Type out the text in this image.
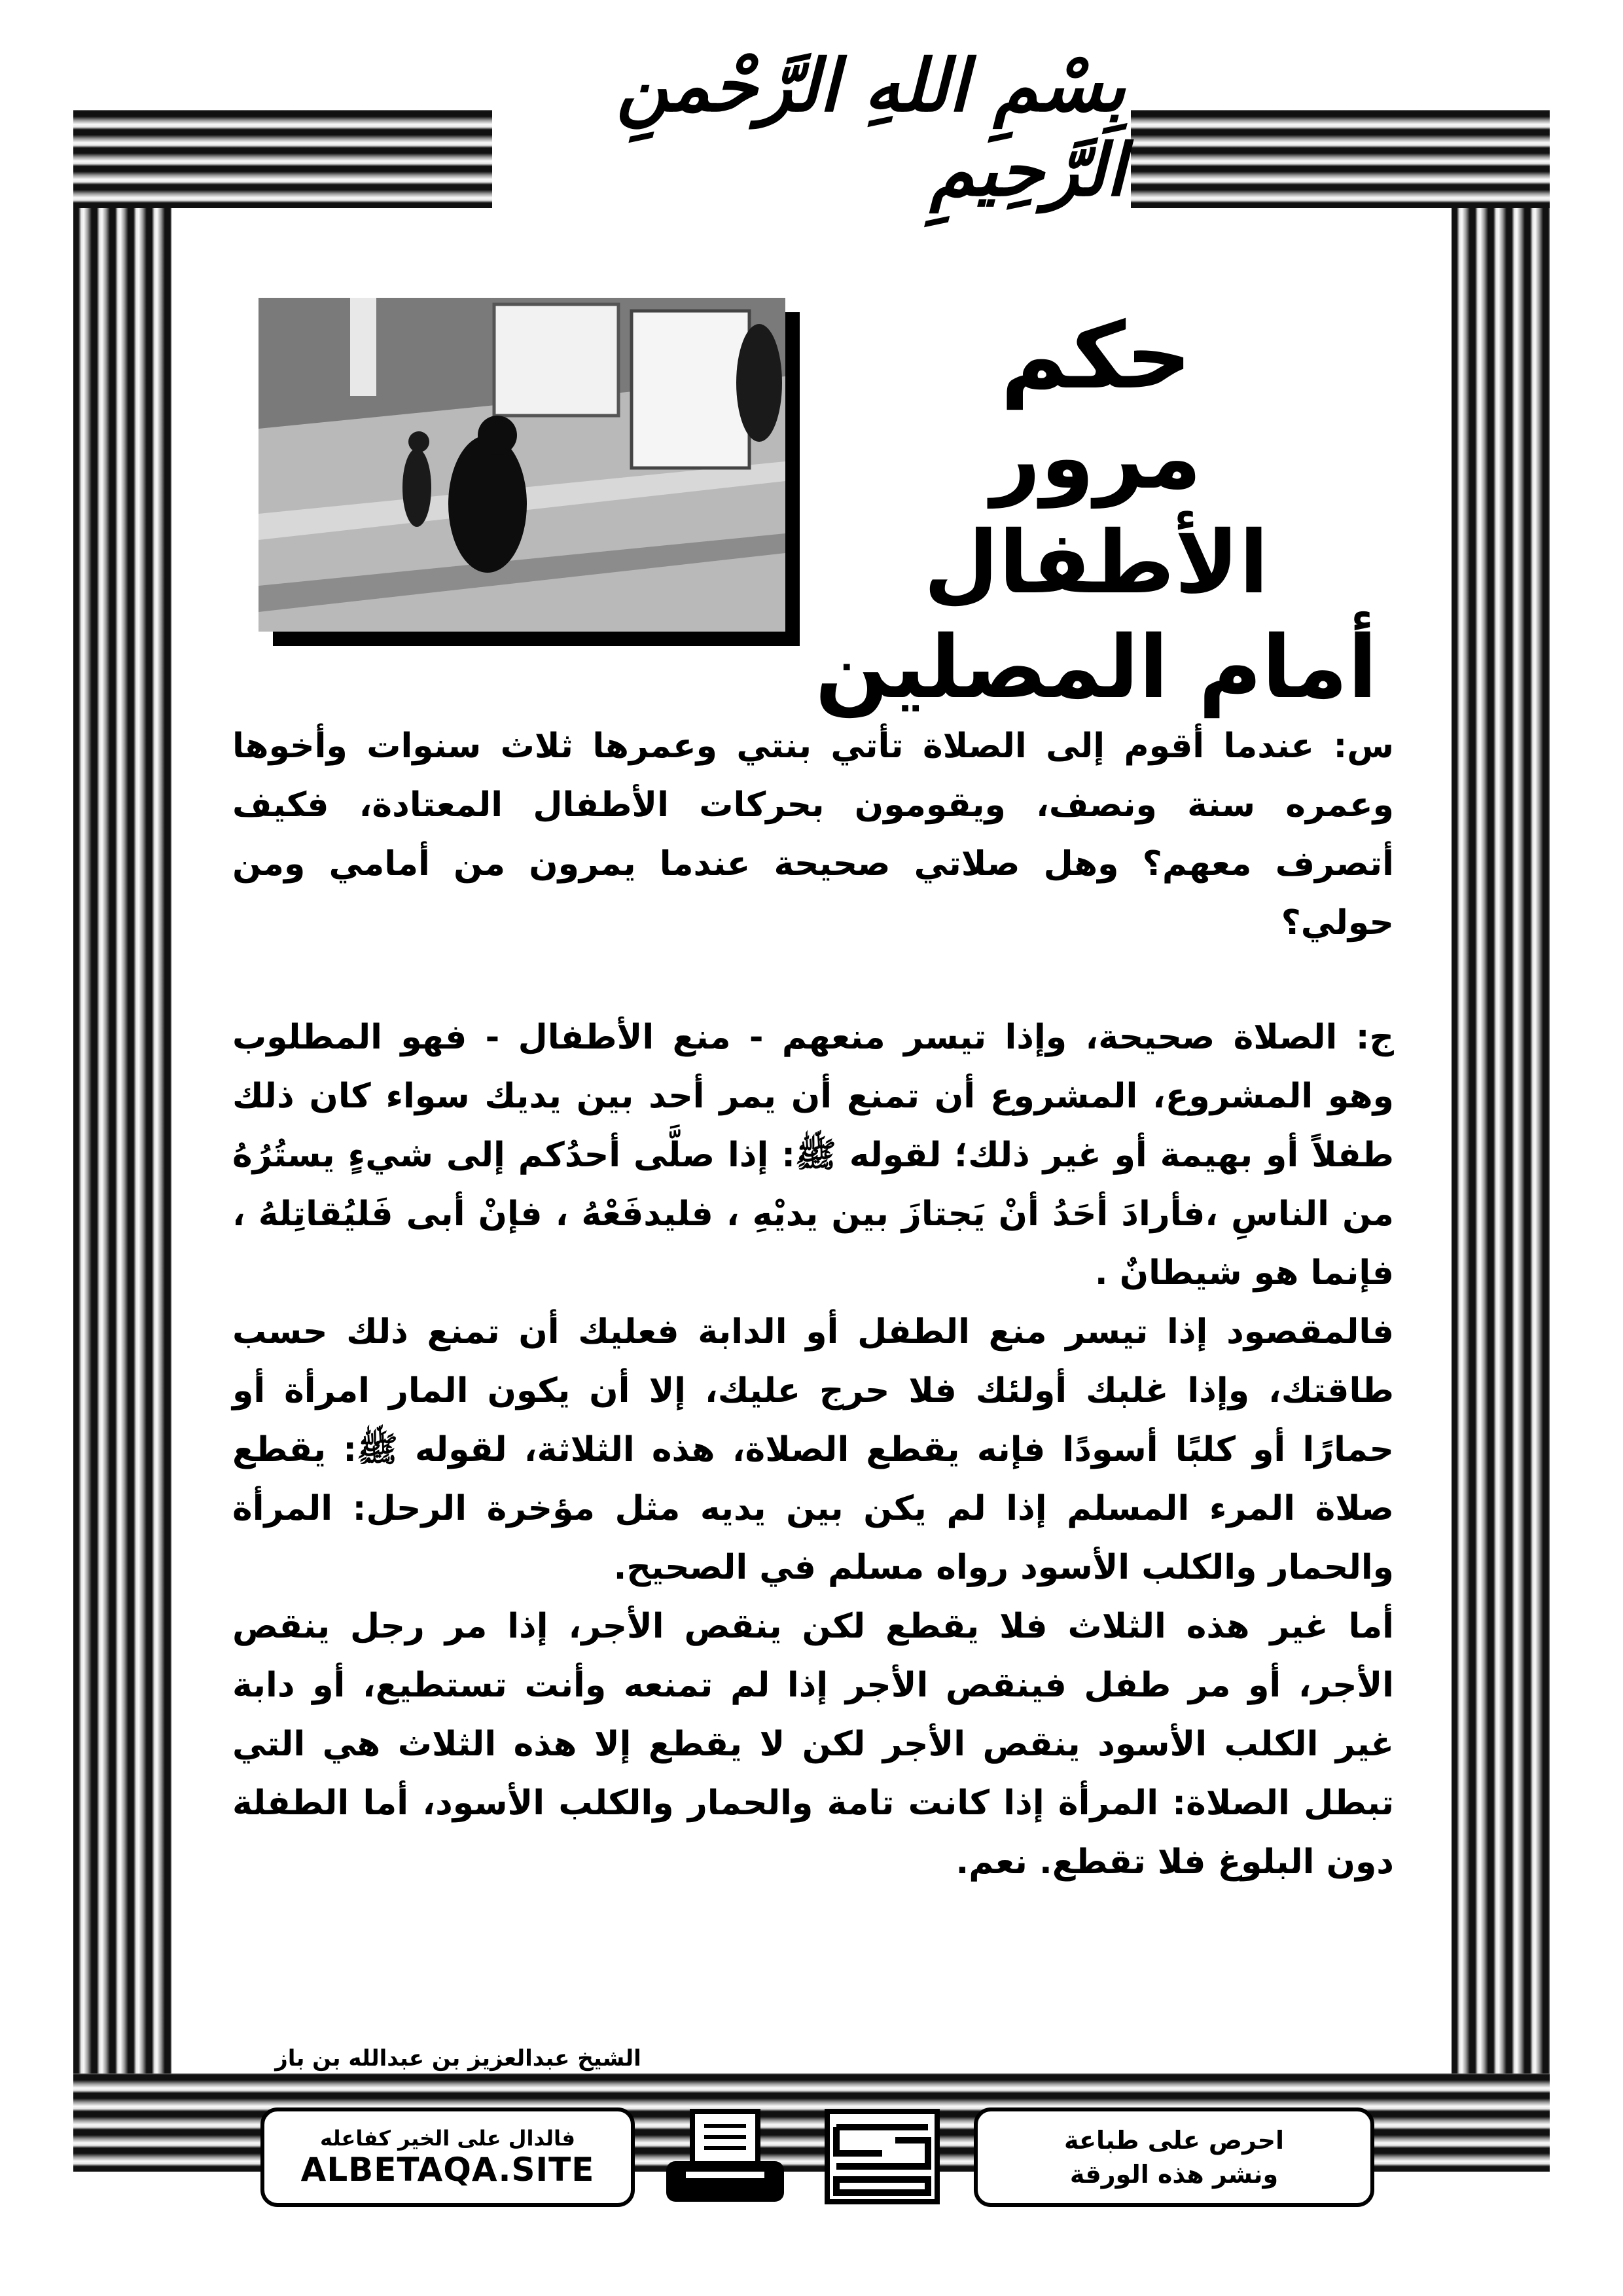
بِسْمِ اللهِ الرَّحْمنِ الرَّحِيمِ
حكم
مرور الأطفال
أمام المصلين

س: عندما أقوم إلى الصلاة تأتي بنتي وعمرها ثلاث سنوات وأخوها وعمره سنة ونصف، ويقومون بحركات الأطفال المعتادة، فكيف أتصرف معهم؟ وهل صلاتي صحيحة عندما يمرون من أمامي ومن حولي؟

ج: الصلاة صحيحة، وإذا تيسر منعهم - منع الأطفال - فهو المطلوب وهو المشروع، المشروع أن تمنع أن يمر أحد بين يديك سواء كان ذلك طفلاً أو بهيمة أو غير ذلك؛ لقوله ﷺ: إذا صلَّى أحدُكم إلى شيءٍ يستُرُهُ من الناسِ ،فأرادَ أحَدُ أنْ يَجتازَ بين يديْهِ ، فليدفَعْهُ ، فإنْ أبى فَليُقاتِلهُ ، فإنما هو شيطانٌ .

فالمقصود إذا تيسر منع الطفل أو الدابة فعليك أن تمنع ذلك حسب طاقتك، وإذا غلبك أولئك فلا حرج عليك، إلا أن يكون المار امرأة أو حمارًا أو كلبًا أسودًا فإنه يقطع الصلاة، هذه الثلاثة، لقوله ﷺ: يقطع صلاة المرء المسلم إذا لم يكن بين يديه مثل مؤخرة الرحل: المرأة والحمار والكلب الأسود رواه مسلم في الصحيح.

أما غير هذه الثلاث فلا يقطع لكن ينقص الأجر، إذا مر رجل ينقص الأجر، أو مر طفل فينقص الأجر إذا لم تمنعه وأنت تستطيع، أو دابة غير الكلب الأسود ينقص الأجر لكن لا يقطع إلا هذه الثلاث هي التي تبطل الصلاة: المرأة إذا كانت تامة والحمار والكلب الأسود، أما الطفلة دون البلوغ فلا تقطع. نعم.

الشيخ عبدالعزيز بن عبدالله بن باز
فالدال على الخير كفاعله
ALBETAQA.SITE
احرص على طباعة
ونشر هذه الورقة
